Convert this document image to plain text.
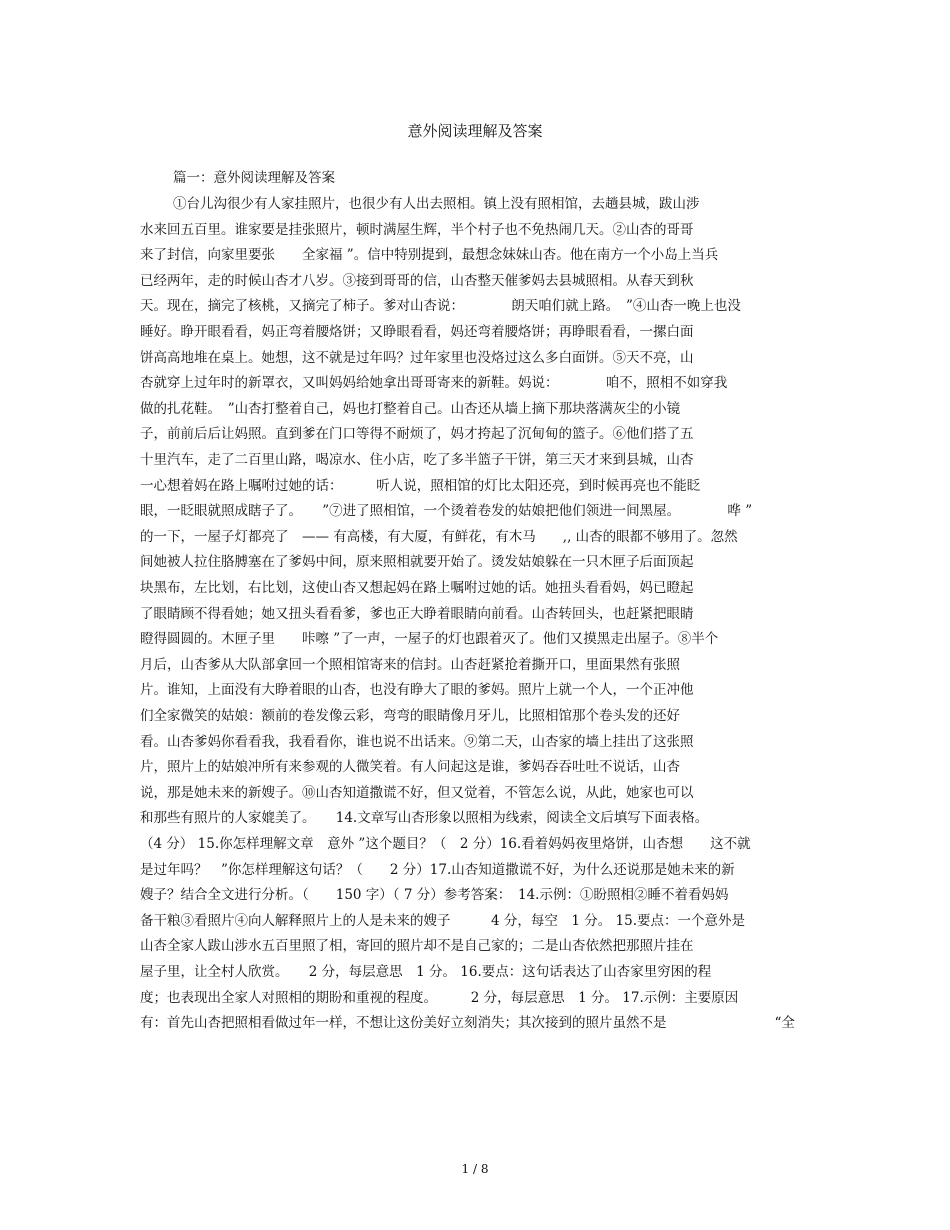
意外阅读理解及答案
篇一：意外阅读理解及答案
①台儿沟很少有人家挂照片，也很少有人出去照相。镇上没有照相馆，去趟县城，跋山涉
水来回五百里。谁家要是挂张照片，顿时满屋生辉，半个村子也不免热闹几天。②山杏的哥哥
来了封信，向家里要张　　全家福 ”。信中特别提到，最想念妹妹山杏。他在南方一个小岛上当兵
已经两年，走的时候山杏才八岁。③接到哥哥的信，山杏整天催爹妈去县城照相。从春天到秋
天。现在，摘完了核桃，又摘完了柿子。爹对山杏说：　　　　朗天咱们就上路。　”④山杏一晚上也没
睡好。睁开眼看看，妈正弯着腰烙饼；又睁眼看看，妈还弯着腰烙饼；再睁眼看看，一摞白面
饼高高地堆在桌上。她想，这不就是过年吗？过年家里也没烙过这么多白面饼。⑤天不亮，山
杏就穿上过年时的新罩衣，又叫妈妈给她拿出哥哥寄来的新鞋。妈说：　　　　咱不，照相不如穿我
做的扎花鞋。　”山杏打整着自己，妈也打整着自己。山杏还从墙上摘下那块落满灰尘的小镜
子，前前后后让妈照。直到爹在门口等得不耐烦了，妈才挎起了沉甸甸的篮子。⑥他们搭了五
十里汽车，走了二百里山路，喝凉水、住小店，吃了多半篮子干饼，第三天才来到县城，山杏
一心想着妈在路上嘱咐过她的话：　　　听人说，照相馆的灯比太阳还亮，到时候再亮也不能眨
眼，一眨眼就照成瞎子了。　　”⑦进了照相馆，一个烫着卷发的姑娘把他们领进一间黑屋。　　　　哗 ”
的一下，一屋子灯都亮了　—— 有高楼，有大厦，有鲜花，有木马　　,, 山杏的眼都不够用了。忽然
间她被人拉住胳膊塞在了爹妈中间，原来照相就要开始了。烫发姑娘躲在一只木匣子后面顶起
块黑布，左比划，右比划，这使山杏又想起妈在路上嘱咐过她的话。她扭头看看妈，妈已瞪起
了眼睛顾不得看她；她又扭头看看爹，爹也正大睁着眼睛向前看。山杏转回头，也赶紧把眼睛
瞪得圆圆的。木匣子里　　咔嚓 ”了一声，一屋子的灯也跟着灭了。他们又摸黑走出屋子。⑧半个
月后，山杏爹从大队部拿回一个照相馆寄来的信封。山杏赶紧抢着撕开口，里面果然有张照
片。谁知，上面没有大睁着眼的山杏，也没有睁大了眼的爹妈。照片上就一个人，一个正冲他
们全家微笑的姑娘：额前的卷发像云彩，弯弯的眼睛像月牙儿，比照相馆那个卷头发的还好
看。山杏爹妈你看看我，我看看你，谁也说不出话来。⑨第二天，山杏家的墙上挂出了这张照
片，照片上的姑娘冲所有来参观的人微笑着。有人问起这是谁，爹妈吞吞吐吐不说话，山杏
说，那是她未来的新嫂子。⑩山杏知道撒谎不好，但又觉着，不管怎么说，从此，她家也可以
和那些有照片的人家媲美了。　　14.文章写山杏形象以照相为线索，阅读全文后填写下面表格。
（4 分） 15.你怎样理解文章　意外 ”这个题目？（　2 分）16.看着妈妈夜里烙饼，山杏想　　这不就
是过年吗？　”你怎样理解这句话？（　　2 分）17.山杏知道撒谎不好，为什么还说那是她未来的新
嫂子？结合全文进行分析。（　　150 字）（ 7 分）参考答案：　14.示例：①盼照相②睡不着看妈妈
备干粮③看照片④向人解释照片上的人是未来的嫂子　　　4 分，每空　1 分。 15.要点：一个意外是
山杏全家人跋山涉水五百里照了相，寄回的照片却不是自己家的；二是山杏依然把那照片挂在
屋子里，让全村人欣赏。　　2 分，每层意思　1 分。 16.要点：这句话表达了山杏家里穷困的程
度；也表现出全家人对照相的期盼和重视的程度。　　　2 分，每层意思　1 分。 17.示例：主要原因
有：首先山杏把照相看做过年一样，不想让这份美好立刻消失；其次接到的照片虽然不是　　　　　　　　“全
1 / 8
